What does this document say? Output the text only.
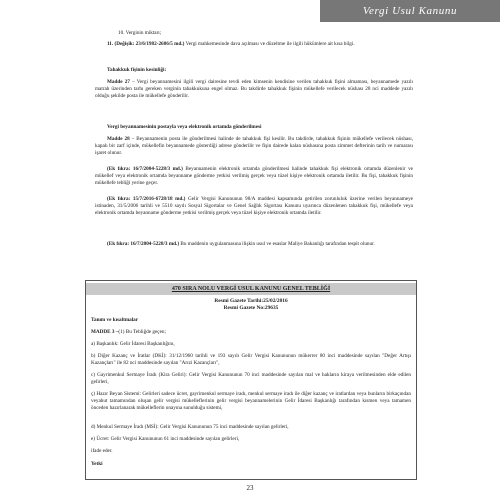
Vergi Usul Kanunu

10. Verginin miktarı;

11. (Değişik: 23/6/1982-2686/5 md.) Vergi mahkemesinde dava açılması ve düzeltme ile ilgili hükümlere ait kısa bilgi.

Tahakkuk fişinin kesinliği:

Madde 27 – Vergi beyannamesini ilgili vergi dairesine tevdi eden kimsenin kendisine verilen tahakkuk fişini almaması, beyannamede yazılı matrah üzerinden tarhı gereken verginin tahakkukuna engel olmaz. Bu takdirde tahakkuk fişinin mükellefe verilecek nüshası 28 nci maddede yazılı olduğu şekilde posta ile mükellefe gönderilir.

Vergi beyannamesinin postayla veya elektronik ortamda gönderilmesi

Madde 28 – Beyannamenin posta ile gönderilmesi halinde de tahakkuk fişi kesilir. Bu takdirde, tahakkuk fişinin mükellefe verilecek nüshası, kapalı bir zarf içinde, mükellefin beyannamede gösterdiği adrese gönderilir ve fişin dairede kalan nüshasına posta zimmet defterinin tarih ve numarası işaret olunur.

(Ek fıkra: 16/7/2004-5228/3 md.) Beyannamenin elektronik ortamda gönderilmesi halinde tahakkuk fişi elektronik ortamda düzenlenir ve mükellef veya elektronik ortamda beyanname gönderme yetkisi verilmiş gerçek veya tüzel kişiye elektronik ortamda iletilir. Bu fişi, tahakkuk fişinin mükellefe tebliği yerine geçer.

(Ek fıkra: 15/7/2016-6728/18 md.) Gelir Vergisi Kanununun 98/A maddesi kapsamında getirilen zorunluluk üzerine verilen beyannameye istinaden, 31/5/2006 tarihli ve 5510 sayılı Sosyal Sigortalar ve Genel Sağlık Sigortası Kanunu uyarınca düzenlenen tahakkuk fişi, mükellefe veya elektronik ortamda beyanname gönderme yetkisi verilmiş gerçek veya tüzel kişiye elektronik ortamda iletilir.

(Ek fıkra: 16/7/2004-5228/3 md.) Bu maddenin uygulanmasına ilişkin usul ve esaslar Maliye Bakanlığı tarafından tespit olunur.

470 SIRA NOLU VERGİ USUL KANUNU GENEL TEBLİĞİ
Resmi Gazete Tarihi:25/02/2016
Resmi Gazete No:29635

Tanım ve kısaltmalar

MADDE 3 –(1) Bu Tebliğde geçen;

a) Başkanlık: Gelir İdaresi Başkanlığını,

b) Diğer Kazanç ve İratlar (DKİ): 31/12/1960 tarihli ve 193 sayılı Gelir Vergisi Kanununun mükerrer 80 inci maddesinde sayılan "Değer Artışı Kazançları" ile 82 nci maddesinde sayılan "Arızi Kazançları",

c) Gayrimenkul Sermaye İradı (Kira Geliri): Gelir Vergisi Kanununun 70 inci maddesinde sayılan mal ve hakların kiraya verilmesinden elde edilen gelirleri,

ç) Hazır Beyan Sistemi: Gelirleri sadece ücret, gayrimenkul sermaye iradı, menkul sermaye iradı ile diğer kazanç ve iratlardan veya bunların birkaçından veyahut tamamından oluşan gelir vergisi mükelleflerinin gelir vergisi beyannamelerinin Gelir İdaresi Başkanlığı tarafından kısmen veya tamamen önceden hazırlanarak mükelleflerin onayına sunulduğu sistemi,

d) Menkul Sermaye İradı (MSİ): Gelir Vergisi Kanununun 75 inci maddesinde sayılan gelirleri,

e) Ücret: Gelir Vergisi Kanununun 61 inci maddesinde sayılan gelirleri,

ifade eder.

Yetki

23
